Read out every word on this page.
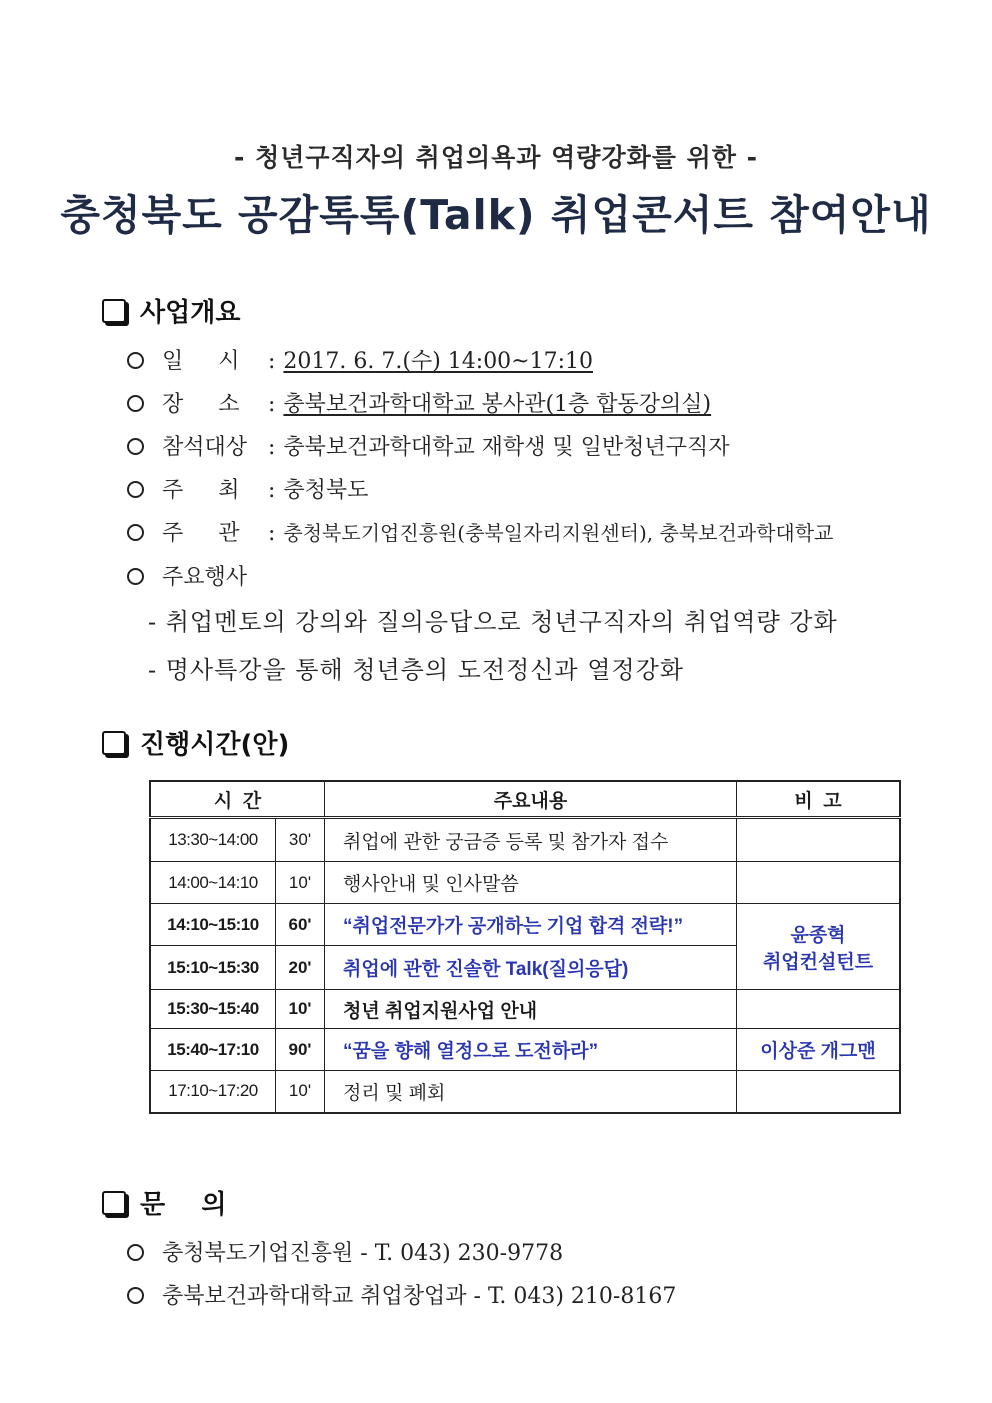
- 청년구직자의 취업의욕과 역량강화를 위한 -
충청북도 공감톡톡(Talk) 취업콘서트 참여안내
사업개요
일     시	: 2017. 6. 7.(수) 14:00~17:10
장     소	: 충북보건과학대학교 봉사관(1층 합동강의실)
참석대상 : 충북보건과학대학교 재학생 및 일반청년구직자
주     최	: 충청북도
주     관	: 충청북도기업진흥원(충북일자리지원센터), 충북보건과학대학교
주요행사
- 취업멘토의 강의와 질의응답으로 청년구직자의 취업역량 강화
- 명사특강을 통해 청년층의 도전정신과 열정강화
진행시간(안)
시  간		주요내용	비  고
13:30~14:00	30'	취업에 관한 궁금증 등록 및 참가자 접수	
14:00~14:10	10'	행사안내 및 인사말씀	
14:10~15:10	60'	“취업전문가가 공개하는 기업 합격 전략!”	윤종혁
취업컨설턴트

15:10~15:30	20'	취업에 관한 진솔한 Talk(질의응답)	
15:30~15:40	10'	청년 취업지원사업 안내	
15:40~17:10	90'	“꿈을 향해 열정으로 도전하라”	이상준 개그맨
17:10~17:20	10'	정리 및 폐회	
문    의
충청북도기업진흥원 - T. 043) 230-9778
충북보건과학대학교 취업창업과 - T. 043) 210-8167
